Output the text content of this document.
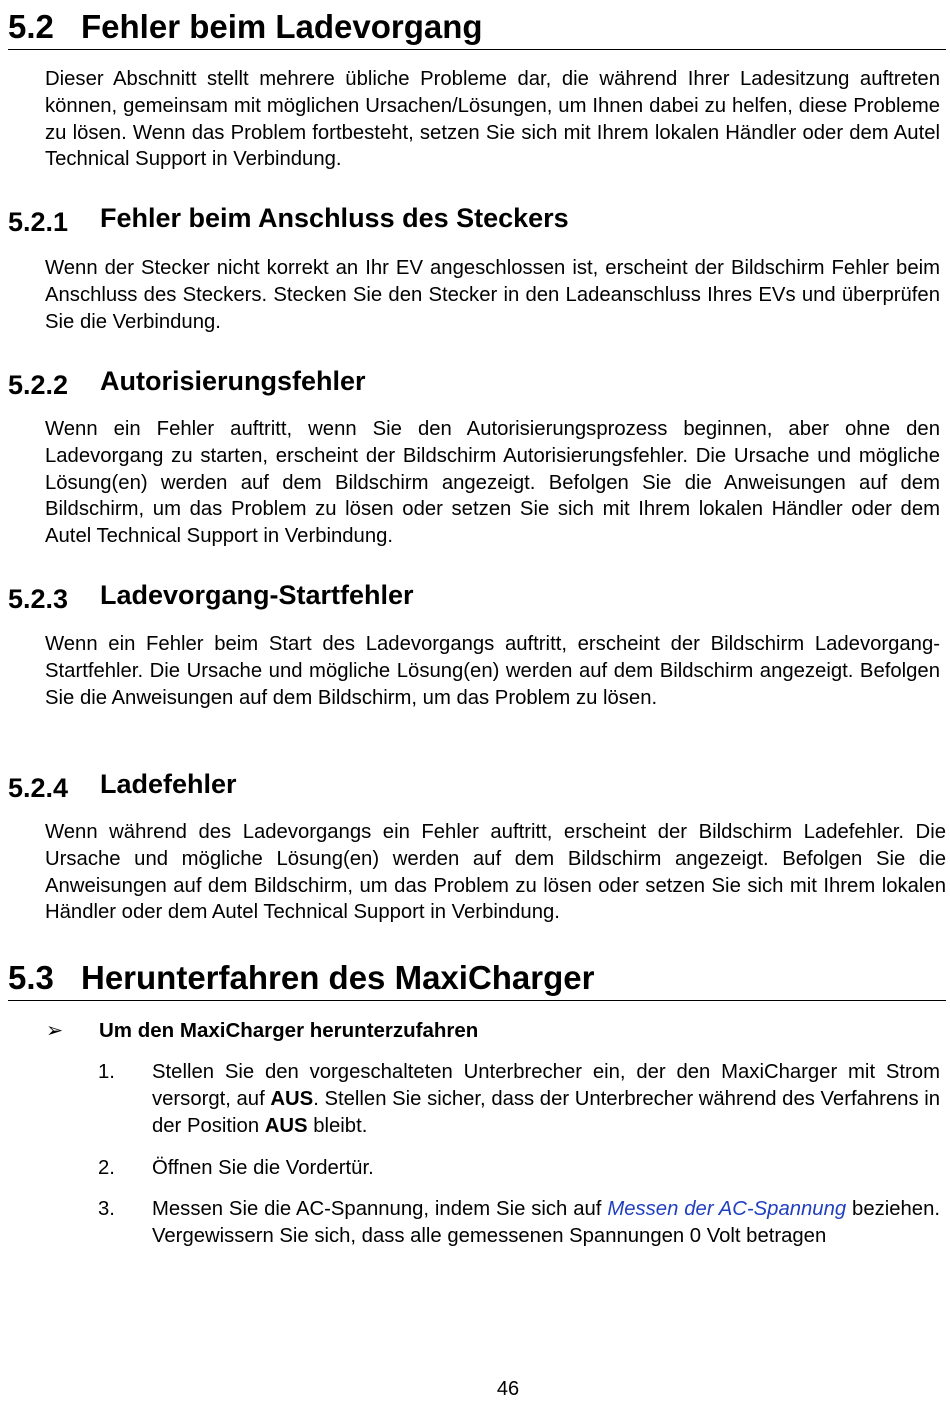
5.2 Fehler beim Ladevorgang

Dieser Abschnitt stellt mehrere übliche Probleme dar, die während Ihrer Ladesitzung auftreten können, gemeinsam mit möglichen Ursachen/Lösungen, um Ihnen dabei zu helfen, diese Probleme zu lösen. Wenn das Problem fortbesteht, setzen Sie sich mit Ihrem lokalen Händler oder dem Autel Technical Support in Verbindung.

5.2.1 Fehler beim Anschluss des Steckers

Wenn der Stecker nicht korrekt an Ihr EV angeschlossen ist, erscheint der Bildschirm Fehler beim Anschluss des Steckers. Stecken Sie den Stecker in den Ladeanschluss Ihres EVs und überprüfen Sie die Verbindung.

5.2.2 Autorisierungsfehler

Wenn ein Fehler auftritt, wenn Sie den Autorisierungsprozess beginnen, aber ohne den Ladevorgang zu starten, erscheint der Bildschirm Autorisierungsfehler. Die Ursache und mögliche Lösung(en) werden auf dem Bildschirm angezeigt. Befolgen Sie die Anweisungen auf dem Bildschirm, um das Problem zu lösen oder setzen Sie sich mit Ihrem lokalen Händler oder dem Autel Technical Support in Verbindung.

5.2.3 Ladevorgang-Startfehler

Wenn ein Fehler beim Start des Ladevorgangs auftritt, erscheint der Bildschirm Ladevorgang-Startfehler. Die Ursache und mögliche Lösung(en) werden auf dem Bildschirm angezeigt. Befolgen Sie die Anweisungen auf dem Bildschirm, um das Problem zu lösen.

5.2.4 Ladefehler

Wenn während des Ladevorgangs ein Fehler auftritt, erscheint der Bildschirm Ladefehler. Die Ursache und mögliche Lösung(en) werden auf dem Bildschirm angezeigt. Befolgen Sie die Anweisungen auf dem Bildschirm, um das Problem zu lösen oder setzen Sie sich mit Ihrem lokalen Händler oder dem Autel Technical Support in Verbindung.

5.3 Herunterfahren des MaxiCharger
➢ Um den MaxiCharger herunterzufahren
1. Stellen Sie den vorgeschalteten Unterbrecher ein, der den MaxiCharger mit Strom versorgt, auf AUS. Stellen Sie sicher, dass der Unterbrecher während des Verfahrens in der Position AUS bleibt.
2. Öffnen Sie die Vordertür.
3. Messen Sie die AC-Spannung, indem Sie sich auf Messen der AC-Spannung beziehen. Vergewissern Sie sich, dass alle gemessenen Spannungen 0 Volt betragen
46
